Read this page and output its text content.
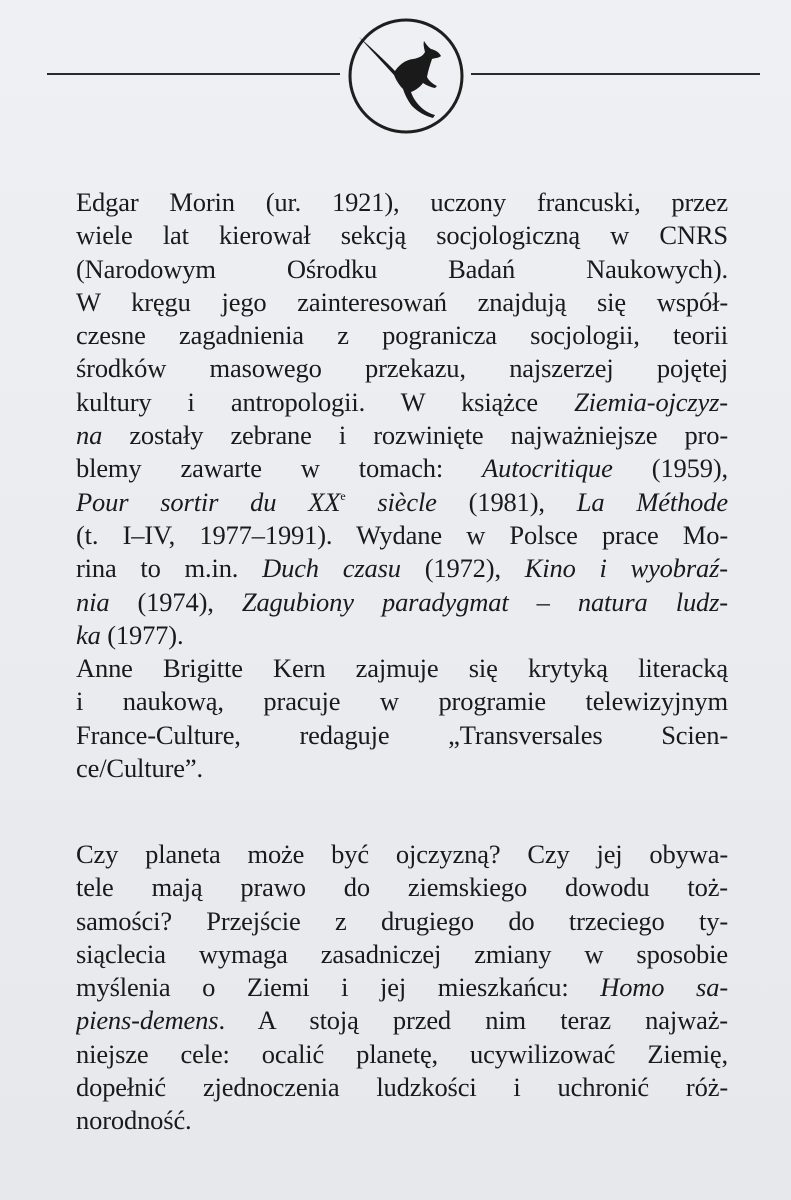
Edgar Morin (ur. 1921), uczony francuski, przez
wiele lat kierował sekcją socjologiczną w CNRS
(Narodowym Ośrodku Badań Naukowych).
W kręgu jego zainteresowań znajdują się współ-
czesne zagadnienia z pogranicza socjologii, teorii
środków masowego przekazu, najszerzej pojętej
kultury i antropologii. W książce Ziemia-ojczyz-
na zostały zebrane i rozwinięte najważniejsze pro-
blemy zawarte w tomach: Autocritique (1959),
Pour sortir du XXe siècle (1981), La Méthode
(t. I–IV, 1977–1991). Wydane w Polsce prace Mo-
rina to m.in. Duch czasu (1972), Kino i wyobraź-
nia (1974), Zagubiony paradygmat – natura ludz-
ka (1977).
Anne Brigitte Kern zajmuje się krytyką literacką
i naukową, pracuje w programie telewizyjnym
France-Culture, redaguje „Transversales Scien-
ce/Culture”.
Czy planeta może być ojczyzną? Czy jej obywa-
tele mają prawo do ziemskiego dowodu toż-
samości? Przejście z drugiego do trzeciego ty-
siąclecia wymaga zasadniczej zmiany w sposobie
myślenia o Ziemi i jej mieszkańcu: Homo sa-
piens-demens. A stoją przed nim teraz najważ-
niejsze cele: ocalić planetę, ucywilizować Ziemię,
dopełnić zjednoczenia ludzkości i uchronić róż-
norodność.
